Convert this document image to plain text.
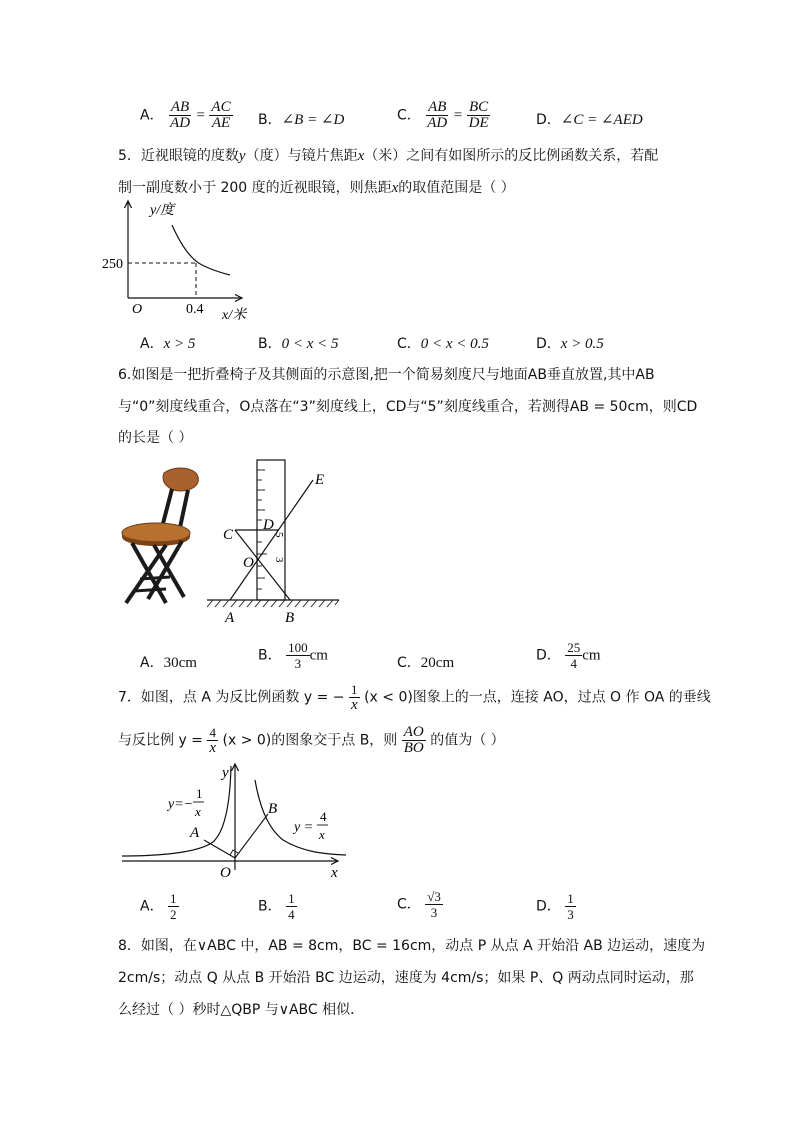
A． $\frac{AB}{AD} = \frac{AC}{AE}$ B．∠B = ∠D	C． $\frac{AB}{AD} = \frac{BC}{DE}$	D．∠C = ∠AED
5．近视眼镜的度数y（度）与镜片焦距x（米）之间有如图所示的反比例函数关系，若配
制一副度数小于 200 度的近视眼镜，则焦距x的取值范围是（ ）
y/度
x/米
O
250
0.4
A．x > 5	B．0 < x < 5	C．0 < x < 0.5	D．x > 0.5
6.如图是一把折叠椅子及其侧面的示意图,把一个简易刻度尺与地面AB垂直放置,其中AB
与“0”刻度线重合，O点落在“3”刻度线上，CD与“5”刻度线重合，若测得AB = 50cm，则CD
的长是（ ）
E
C
D
O
A	B
5
3
A．30cm	B． $\frac{100}{3}$ cm	C．20cm	D． $\frac{25}{4}$ cm
7．如图，点 A 为反比例函数 y = − $\frac{1}{x} (x < 0)$图象上的一点，连接 AO，过点 O 作 OA 的垂线
与反比例 $y = \frac{4}{x} (x > 0)$的图象交于点 B，则 $\frac{AO}{BO}$ 的值为（ ）
y
x
O
A
B
y=−
1
x
y =
4
x
A． $\frac{1}{2}$	B． $\frac{1}{4}$	C． $\frac{√3}{3}$	D． $\frac{1}{3}$
8．如图，在∨ABC 中，AB = 8cm，BC = 16cm，动点 P 从点 A 开始沿 AB 边运动，速度为
2cm/s；动点 Q 从点 B 开始沿 BC 边运动，速度为 4cm/s；如果 P、Q 两动点同时运动，那
么经过（ ）秒时△QBP 与∨ABC 相似．
